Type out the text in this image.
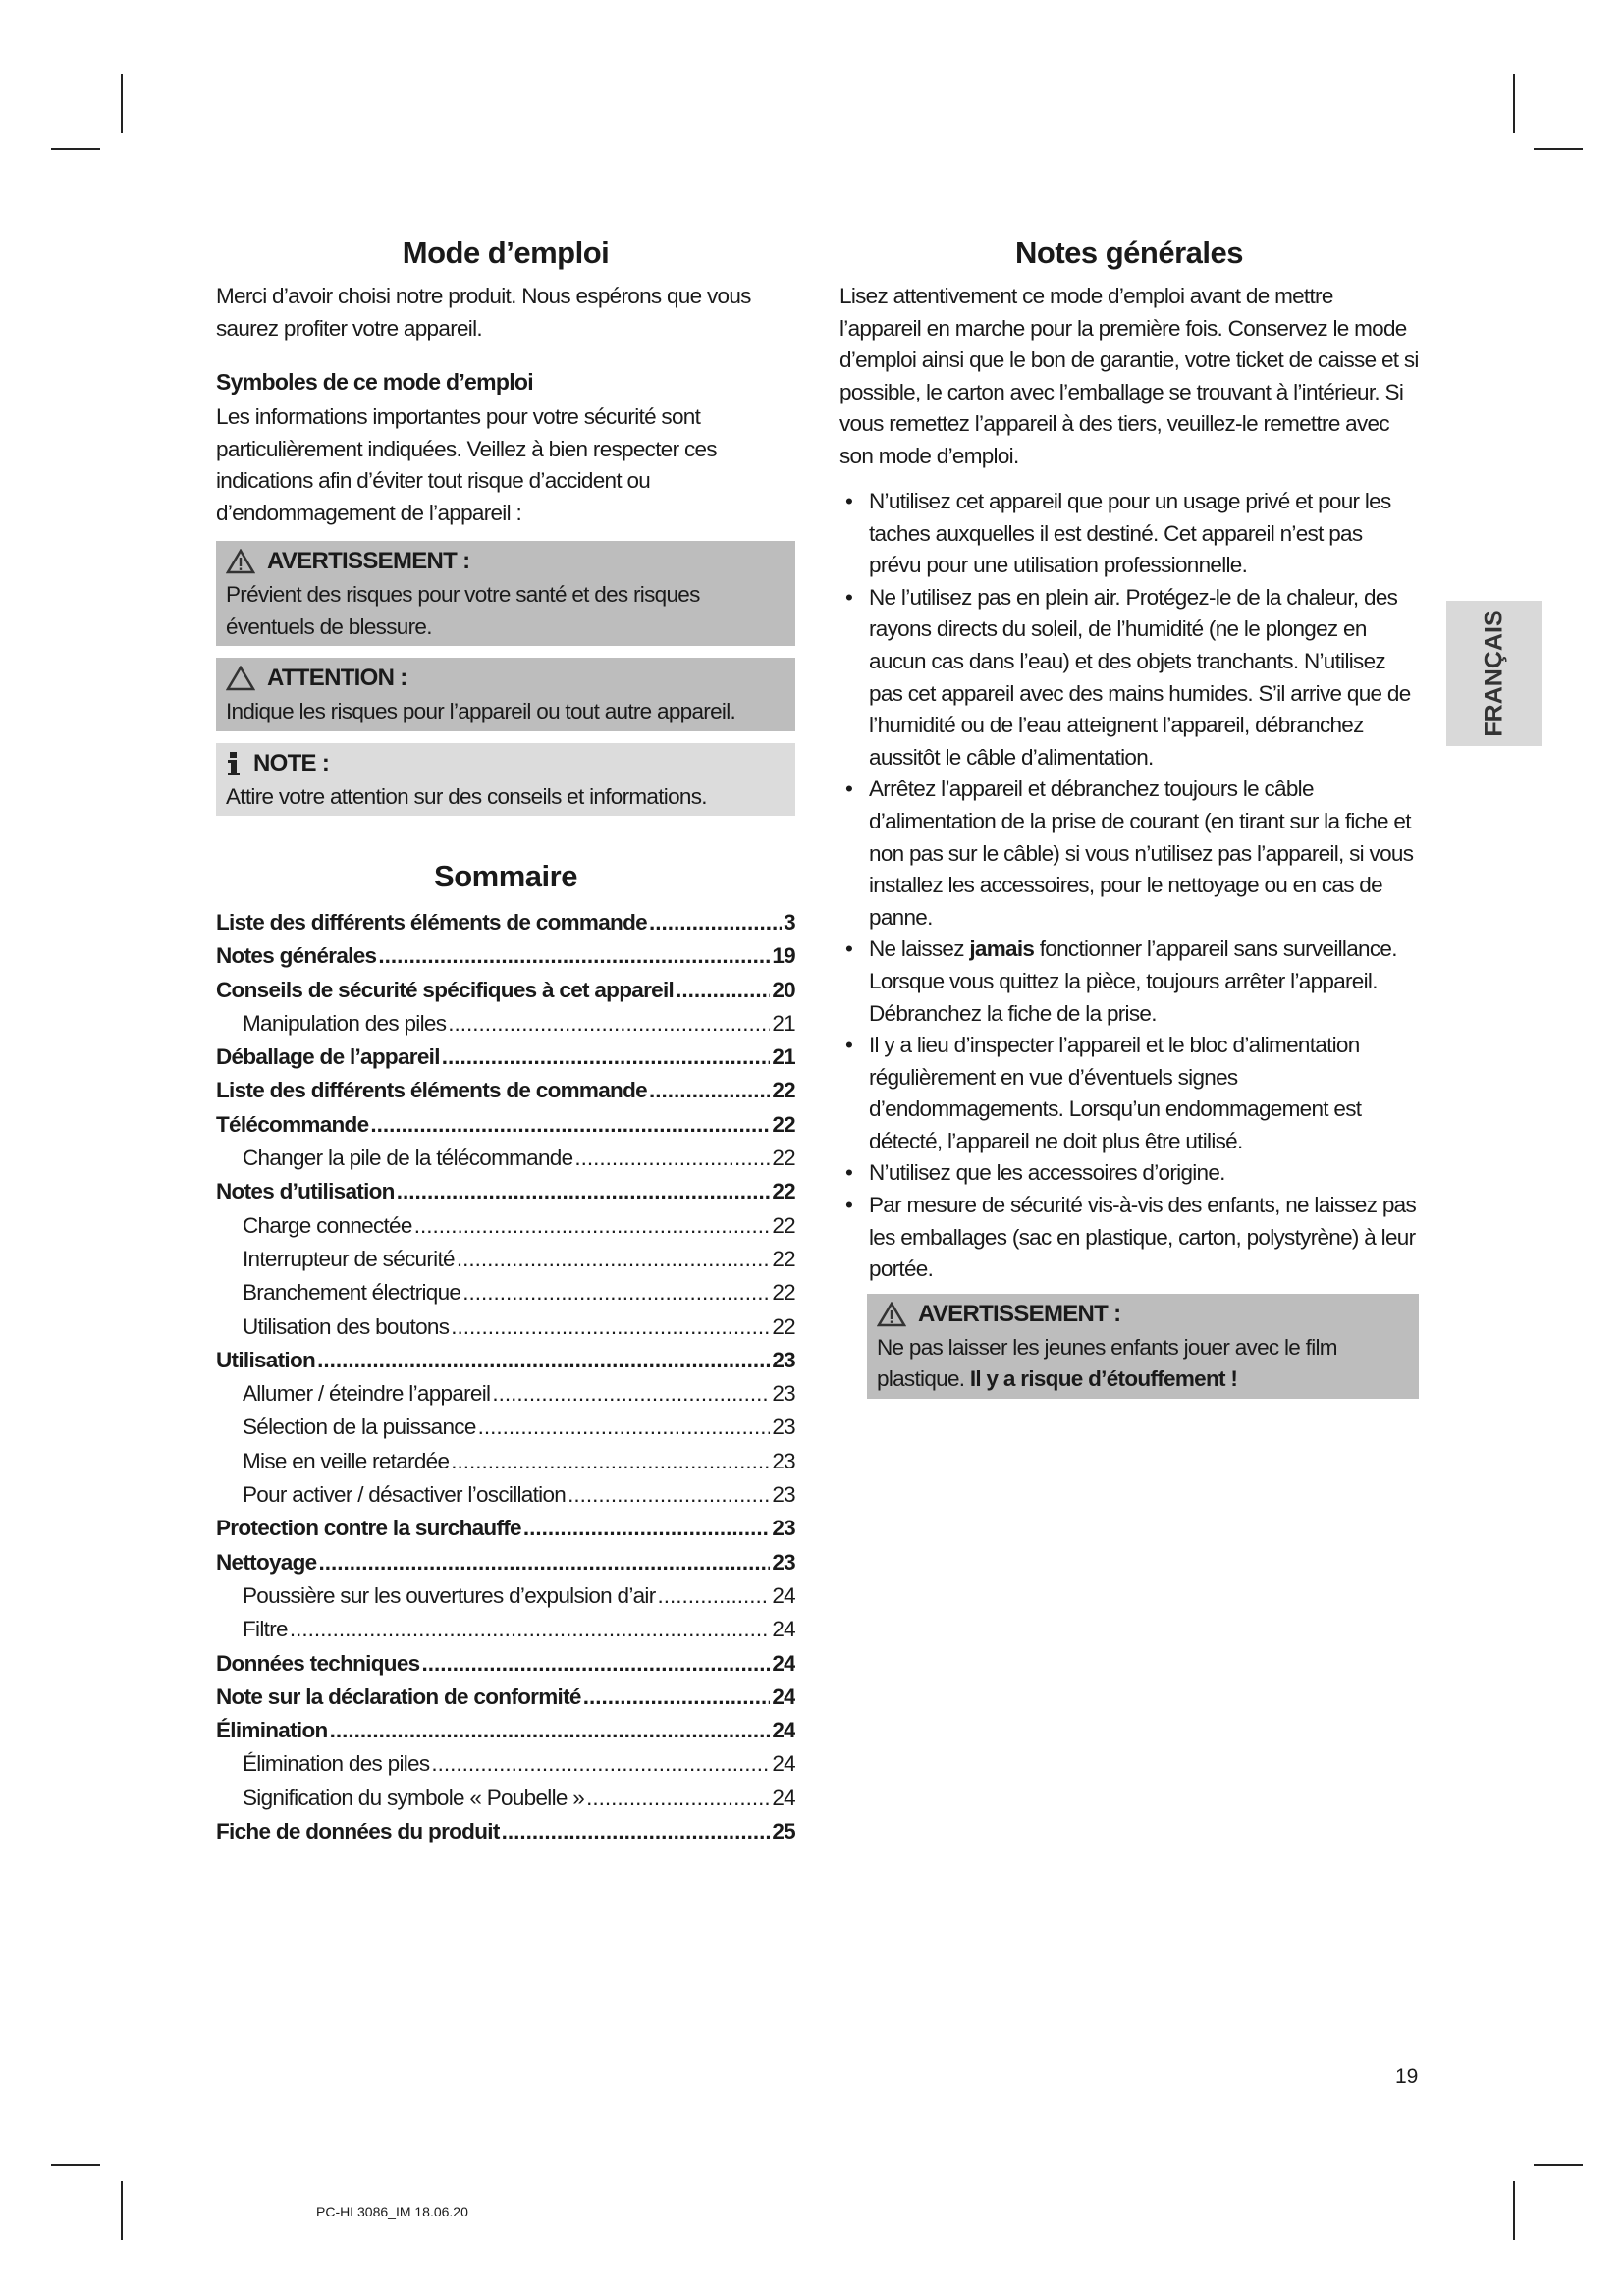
Mode d’emploi

Merci d’avoir choisi notre produit. Nous espérons que vous saurez profiter votre appareil.

Symboles de ce mode d’emploi

Les informations importantes pour votre sécurité sont particulièrement indiquées. Veillez à bien respecter ces indications afin d’éviter tout risque d’accident ou d’endommagement de l’appareil :

AVERTISSEMENT :

Prévient des risques pour votre santé et des risques éventuels de blessure.

ATTENTION :

Indique les risques pour l’appareil ou tout autre appareil.

NOTE :

Attire votre attention sur des conseils et informations.

Sommaire
Liste des différents éléments de commande .....	3
Notes générales .....	19
Conseils de sécurité spécifiques à cet appareil .....	20
Manipulation des piles .....	21
Déballage de l’appareil .....	21
Liste des différents éléments de commande .....	22
Télécommande .....	22
Changer la pile de la télécommande .....	22
Notes d’utilisation .....	22
Charge connectée .....	22
Interrupteur de sécurité .....	22
Branchement électrique .....	22
Utilisation des boutons .....	22
Utilisation .....	23
Allumer / éteindre l’appareil .....	23
Sélection de la puissance .....	23
Mise en veille retardée .....	23
Pour activer / désactiver l’oscillation .....	23
Protection contre la surchauffe .....	23
Nettoyage .....	23
Poussière sur les ouvertures d’expulsion d’air .....	24
Filtre .....	24
Données techniques .....	24
Note sur la déclaration de conformité .....	24
Élimination .....	24
Élimination des piles .....	24
Signification du symbole « Poubelle » .....	24
Fiche de données du produit .....	25
Notes générales

Lisez attentivement ce mode d’emploi avant de mettre l’appareil en marche pour la première fois. Conservez le mode d’emploi ainsi que le bon de garantie, votre ticket de caisse et si possible, le carton avec l’emballage se trouvant à l’intérieur. Si vous remettez l’appareil à des tiers, veuillez-le remettre avec son mode d’emploi.

• N’utilisez cet appareil que pour un usage privé et pour les taches auxquelles il est destiné. Cet appareil n’est pas prévu pour une utilisation professionnelle.
• Ne l’utilisez pas en plein air. Protégez-le de la chaleur, des rayons directs du soleil, de l’humidité (ne le plongez en aucun cas dans l’eau) et des objets tranchants. N’utilisez pas cet appareil avec des mains humides. S’il arrive que de l’humidité ou de l’eau atteignent l’appareil, débranchez aussitôt le câble d’alimentation.
• Arrêtez l’appareil et débranchez toujours le câble d’alimentation de la prise de courant (en tirant sur la fiche et non pas sur le câble) si vous n’utilisez pas l’appareil, si vous installez les accessoires, pour le nettoyage ou en cas de panne.
• Ne laissez jamais fonctionner l’appareil sans surveillance. Lorsque vous quittez la pièce, toujours arrêter l’appareil. Débranchez la fiche de la prise.
• Il y a lieu d’inspecter l’appareil et le bloc d’alimentation régulièrement en vue d’éventuels signes d’endommagements. Lorsqu’un endommagement est détecté, l’appareil ne doit plus être utilisé.
• N’utilisez que les accessoires d’origine.
• Par mesure de sécurité vis-à-vis des enfants, ne laissez pas les emballages (sac en plastique, carton, polystyrène) à leur portée.
AVERTISSEMENT :

Ne pas laisser les jeunes enfants jouer avec le film plastique. Il y a risque d’étouffement !

FRANÇAIS
19
PC-HL3086_IM 18.06.20
